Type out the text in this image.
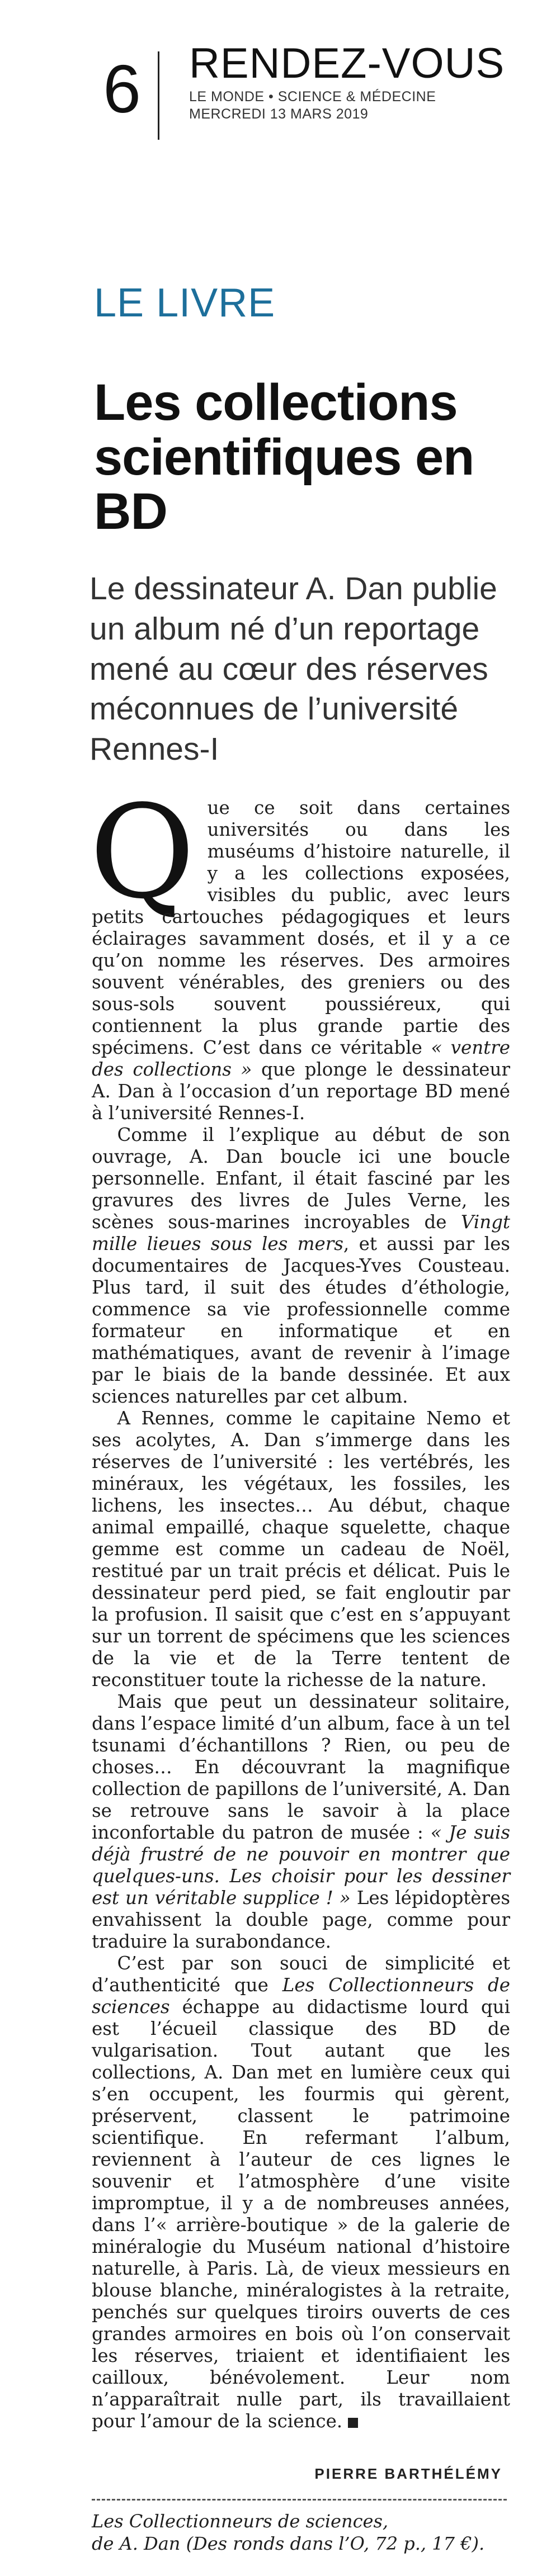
6 RENDEZ-VOUS
LE MONDE • SCIENCE & MÉDECINE
MERCREDI 13 MARS 2019
LE LIVRE
Les collections scientifiques en BD
Le dessinateur A. Dan publie un album né d’un reportage mené au cœur des réserves méconnues de l’université Rennes-I

Que ce soit dans certaines universités ou dans les muséums d’histoire naturelle, il y a les collections exposées, visibles du public, avec leurs petits cartouches pédagogiques et leurs éclairages savamment dosés, et il y a ce qu’on nomme les réserves. Des armoires souvent vénérables, des greniers ou des sous-sols souvent poussiéreux, qui contiennent la plus grande partie des spécimens. C’est dans ce véritable « ventre des collections » que plonge le dessinateur A. Dan à l’occasion d’un reportage BD mené à l’université Rennes-I.

Comme il l’explique au début de son ouvrage, A. Dan boucle ici une boucle personnelle. Enfant, il était fasciné par les gravures des livres de Jules Verne, les scènes sous-marines incroyables de Vingt mille lieues sous les mers, et aussi par les documentaires de Jacques-Yves Cousteau. Plus tard, il suit des études d’éthologie, commence sa vie professionnelle comme formateur en informatique et en mathématiques, avant de revenir à l’image par le biais de la bande dessinée. Et aux sciences naturelles par cet album.

A Rennes, comme le capitaine Nemo et ses acolytes, A. Dan s’immerge dans les réserves de l’université : les vertébrés, les minéraux, les végétaux, les fossiles, les lichens, les insectes… Au début, chaque animal empaillé, chaque squelette, chaque gemme est comme un cadeau de Noël, restitué par un trait précis et délicat. Puis le dessinateur perd pied, se fait engloutir par la profusion. Il saisit que c’est en s’appuyant sur un torrent de spécimens que les sciences de la vie et de la Terre tentent de reconstituer toute la richesse de la nature.

Mais que peut un dessinateur solitaire, dans l’espace limité d’un album, face à un tel tsunami d’échantillons ? Rien, ou peu de choses… En découvrant la magnifique collection de papillons de l’université, A. Dan se retrouve sans le savoir à la place inconfortable du patron de musée : « Je suis déjà frustré de ne pouvoir en montrer que quelques-uns. Les choisir pour les dessiner est un véritable supplice ! » Les lépidoptères envahissent la double page, comme pour traduire la surabondance.

C’est par son souci de simplicité et d’authenticité que Les Collectionneurs de sciences échappe au didactisme lourd qui est l’écueil classique des BD de vulgarisation. Tout autant que les collections, A. Dan met en lumière ceux qui s’en occupent, les fourmis qui gèrent, préservent, classent le patrimoine scientifique. En refermant l’album, reviennent à l’auteur de ces lignes le souvenir et l’atmosphère d’une visite impromptue, il y a de nombreuses années, dans l’« arrière-boutique » de la galerie de minéralogie du Muséum national d’histoire naturelle, à Paris. Là, de vieux messieurs en blouse blanche, minéralogistes à la retraite, penchés sur quelques tiroirs ouverts de ces grandes armoires en bois où l’on conservait les réserves, triaient et identifiaient les cailloux, bénévolement. Leur nom n’apparaîtrait nulle part, ils travaillaient pour l’amour de la science.

PIERRE BARTHÉLÉMY
Les Collectionneurs de sciences,
de A. Dan (Des ronds dans l’O, 72 p., 17 €).
